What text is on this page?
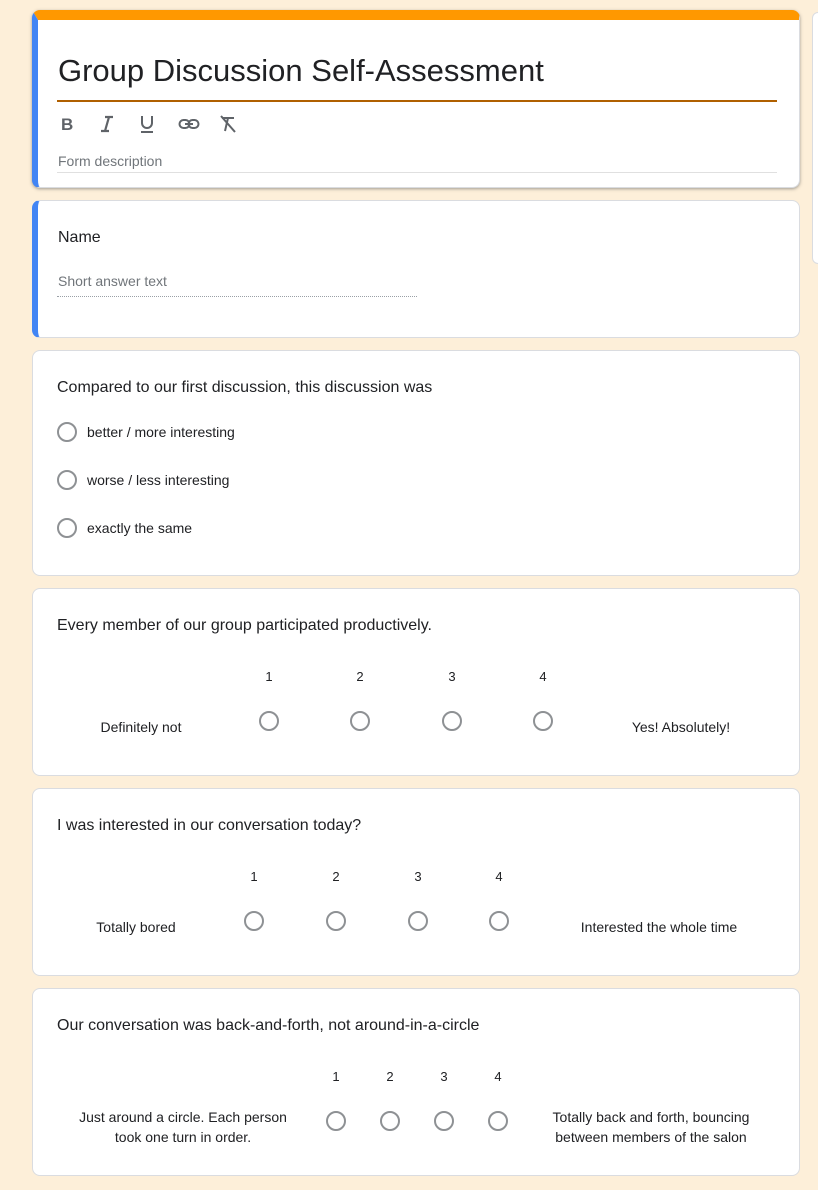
Group Discussion Self-Assessment
B
Form description
Name
Short answer text
Compared to our first discussion, this discussion was
better / more interesting
worse / less interesting
exactly the same
Every member of our group participated productively.
1	2	3	4
Definitely not	Yes! Absolutely!
I was interested in our conversation today?
1	2	3	4
Totally bored	Interested the whole time
Our conversation was back-and-forth, not around-in-a-circle
1	2	3	4
Just around a circle. Each person took one turn in order.
Totally back and forth, bouncing between members of the salon
